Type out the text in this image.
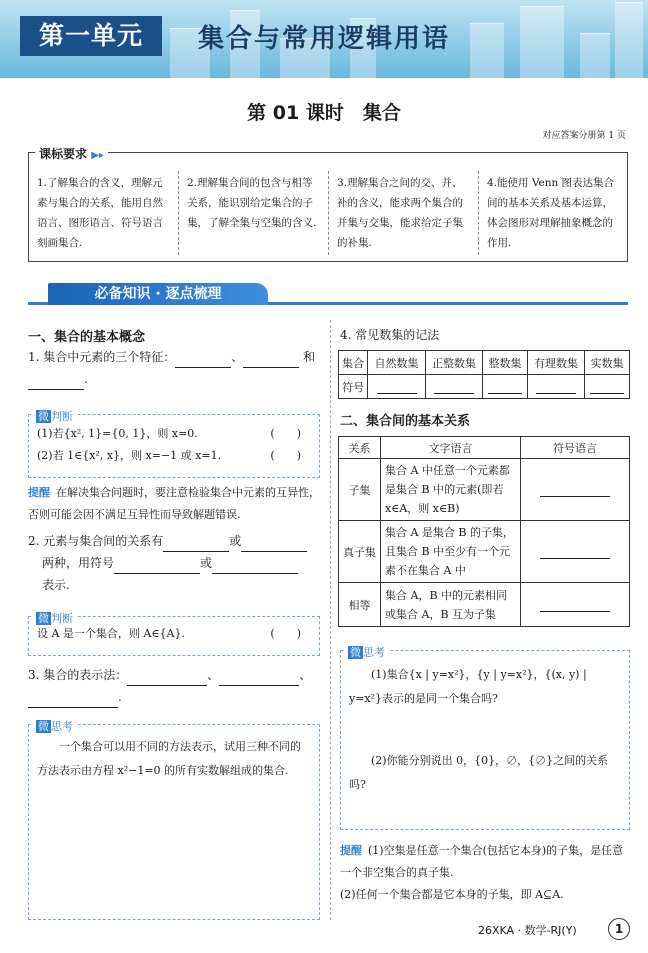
第一单元	集合与常用逻辑用语
第 01 课时　集合
对应答案分册第 1 页
课标要求 ▶▸
1.了解集合的含义，理解元素与集合的关系，能用自然语言、图形语言、符号语言刻画集合.
2.理解集合间的包含与相等关系，能识别给定集合的子集，了解全集与空集的含义.
3.理解集合之间的交、并、补的含义，能求两个集合的并集与交集，能求给定子集的补集.
4.能使用 Venn 图表达集合间的基本关系及基本运算，体会图形对理解抽象概念的作用.
必备知识 · 逐点梳理
一、集合的基本概念
1. 集合中元素的三个特征：	、	和
.
微 判断
(1)若{x², 1}={0, 1}，则 x=0.	(　　)
(2)若 1∈{x², x}，则 x=−1 或 x=1.	(　　)
提醒 在解决集合问题时，要注意检验集合中元素的互异性，否则可能会因不满足互异性而导致解题错误.
2. 元素与集合间的关系有	或
两种，用符号	或
表示.
微 判断
设 A 是一个集合，则 A∈{A}.	(　　)
3. 集合的表示法：	、	、
.
微 思考
一个集合可以用不同的方法表示，试用三种不同的方法表示由方程 x²−1=0 的所有实数解组成的集合.
4. 常见数集的记法
集合	自然数集	正整数集	整数集	有理数集	实数集
符号					
二、集合间的基本关系
关系	文字语言	符号语言
子集	集合 A 中任意一个元素都是集合 B 中的元素(即若 x∈A，则 x∈B)	
真子集	集合 A 是集合 B 的子集，且集合 B 中至少有一个元素不在集合 A 中	
相等	集合 A，B 中的元素相同或集合 A，B 互为子集	
微 思考
(1)集合{x | y=x²}，{y | y=x²}，{(x, y) | y=x²}表示的是同一个集合吗?
(2)你能分别说出 0，{0}，∅，{∅}之间的关系吗?
提醒 (1)空集是任意一个集合(包括它本身)的子集，是任意一个非空集合的真子集.
(2)任何一个集合都是它本身的子集，即 A⊆A.
26XKA · 数学-RJ(Y)	1
